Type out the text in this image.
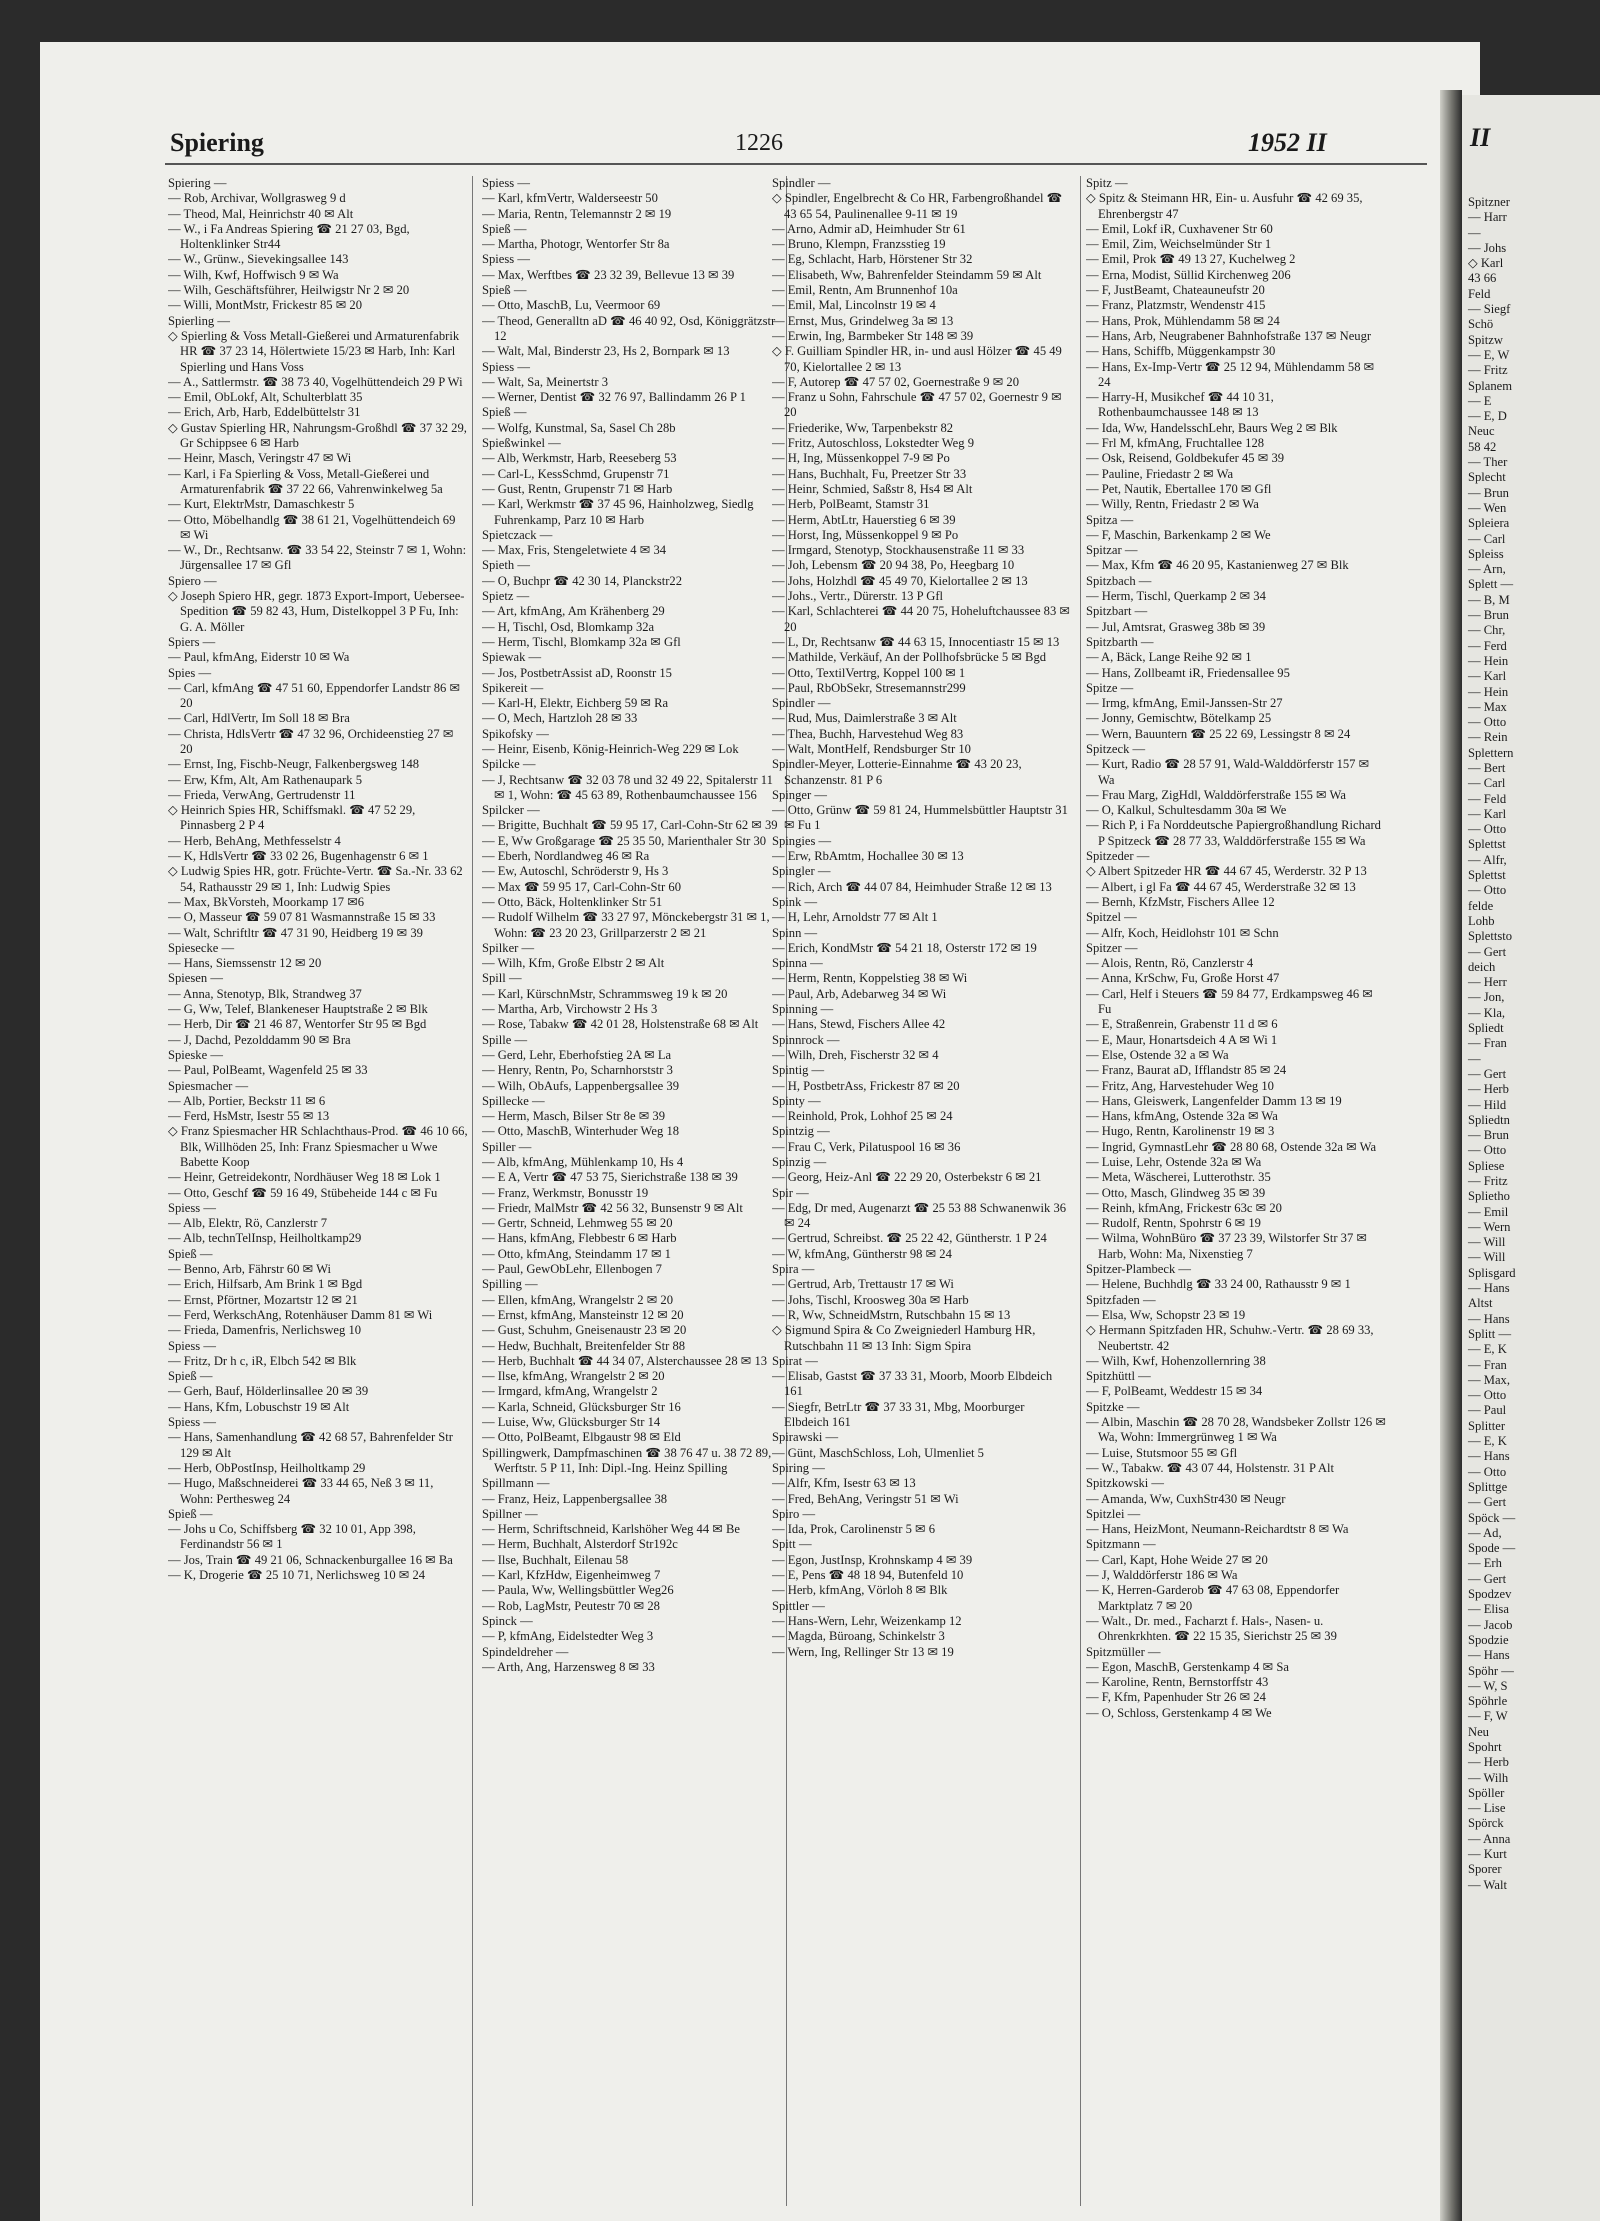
II
Spitzner
— Harr
—
— Johs
◇ Karl
43 66
Feld
— Siegf
Schö
Spitzw
— E, W
— Fritz
Splanem
— E
— E, D
Neuc
58 42
— Ther
Splecht
— Brun
— Wen
Spleiera
— Carl
Spleiss
— Arn,
Splett —
— B, M
— Brun
— Chr,
— Ferd
— Hein
— Karl
— Hein
— Max
— Otto
— Rein
Splettern
— Bert
— Carl
— Feld
— Karl
— Otto
Splettst
— Alfr,
Splettst
— Otto
felde
Lohb
Splettsto
— Gert
deich
— Herr
— Jon,
— Kla,
Spliedt
— Fran
—
— Gert
— Herb
— Hild
Spliedtn
— Brun
— Otto
Spliese
— Fritz
Splietho
— Emil
— Wern
— Will
— Will
Splisgard
— Hans
Altst
— Hans
Splitt —
— E, K
— Fran
— Max,
— Otto
— Paul
Splitter
— E, K
— Hans
— Otto
Splittge
— Gert
Spöck —
— Ad,
Spode —
— Erh
— Gert
Spodzev
— Elisa
— Jacob
Spodzie
— Hans
Spöhr —
— W, S
Spöhrle
— F, W
Neu
Spohrt
— Herb
— Wilh
Spöller
— Lise
Spörck
— Anna
— Kurt
Sporer
— Walt
Spiering	1226	1952 II

Spiering —

— Rob, Archivar, Wollgrasweg 9 d

— Theod, Mal, Heinrichstr 40 ✉ Alt

— W., i Fa Andreas Spiering ☎ 21 27 03, Bgd, Holtenklinker Str44

— W., Grünw., Sievekingsallee 143

— Wilh, Kwf, Hoffwisch 9 ✉ Wa

— Wilh, Geschäftsführer, Heilwigstr Nr 2 ✉ 20

— Willi, MontMstr, Frickestr 85 ✉ 20

Spierling —

◇ Spierling & Voss Metall-Gießerei und Armaturenfabrik HR ☎ 37 23 14, Hölertwiete 15/23 ✉ Harb, Inh: Karl Spierling und Hans Voss

— A., Sattlermstr. ☎ 38 73 40, Vogelhüttendeich 29 P Wi

— Emil, ObLokf, Alt, Schulterblatt 35

— Erich, Arb, Harb, Eddelbüttelstr 31

◇ Gustav Spierling HR, Nahrungsm-Großhdl ☎ 37 32 29, Gr Schippsee 6 ✉ Harb

— Heinr, Masch, Veringstr 47 ✉ Wi

— Karl, i Fa Spierling & Voss, Metall-Gießerei und Armaturenfabrik ☎ 37 22 66, Vahrenwinkelweg 5a

— Kurt, ElektrMstr, Damaschkestr 5

— Otto, Möbelhandlg ☎ 38 61 21, Vogelhüttendeich 69 ✉ Wi

— W., Dr., Rechtsanw. ☎ 33 54 22, Steinstr 7 ✉ 1, Wohn: Jürgensallee 17 ✉ Gfl

Spiero —

◇ Joseph Spiero HR, gegr. 1873 Export-Import, Uebersee-Spedition ☎ 59 82 43, Hum, Distelkoppel 3 P Fu, Inh: G. A. Möller

Spiers —

— Paul, kfmAng, Eiderstr 10 ✉ Wa

Spies —

— Carl, kfmAng ☎ 47 51 60, Eppendorfer Landstr 86 ✉ 20

— Carl, HdlVertr, Im Soll 18 ✉ Bra

— Christa, HdlsVertr ☎ 47 32 96, Orchideenstieg 27 ✉ 20

— Ernst, Ing, Fischb-Neugr, Falkenbergsweg 148

— Erw, Kfm, Alt, Am Rathenaupark 5

— Frieda, VerwAng, Gertrudenstr 11

◇ Heinrich Spies HR, Schiffsmakl. ☎ 47 52 29, Pinnasberg 2 P 4

— Herb, BehAng, Methfesselstr 4

— K, HdlsVertr ☎ 33 02 26, Bugenhagenstr 6 ✉ 1

◇ Ludwig Spies HR, gotr. Früchte-Vertr. ☎ Sa.-Nr. 33 62 54, Rathausstr 29 ✉ 1, Inh: Ludwig Spies

— Max, BkVorsteh, Moorkamp 17 ✉6

— O, Masseur ☎ 59 07 81 Wasmannstraße 15 ✉ 33

— Walt, Schriftltr ☎ 47 31 90, Heidberg 19 ✉ 39

Spiesecke —

— Hans, Siemssenstr 12 ✉ 20

Spiesen —

— Anna, Stenotyp, Blk, Strandweg 37

— G, Ww, Telef, Blankeneser Hauptstraße 2 ✉ Blk

— Herb, Dir ☎ 21 46 87, Wentorfer Str 95 ✉ Bgd

— J, Dachd, Pezolddamm 90 ✉ Bra

Spieske —

— Paul, PolBeamt, Wagenfeld 25 ✉ 33

Spiesmacher —

— Alb, Portier, Beckstr 11 ✉ 6

— Ferd, HsMstr, Isestr 55 ✉ 13

◇ Franz Spiesmacher HR Schlachthaus-Prod. ☎ 46 10 66, Blk, Willhöden 25, Inh: Franz Spiesmacher u Wwe Babette Koop

— Heinr, Getreidekontr, Nordhäuser Weg 18 ✉ Lok 1

— Otto, Geschf ☎ 59 16 49, Stübeheide 144 c ✉ Fu

Spiess —

— Alb, Elektr, Rö, Canzlerstr 7

— Alb, technTelInsp, Heilholtkamp29

Spieß —

— Benno, Arb, Fährstr 60 ✉ Wi

— Erich, Hilfsarb, Am Brink 1 ✉ Bgd

— Ernst, Pförtner, Mozartstr 12 ✉ 21

— Ferd, WerkschAng, Rotenhäuser Damm 81 ✉ Wi

— Frieda, Damenfris, Nerlichsweg 10

Spiess —

— Fritz, Dr h c, iR, Elbch 542 ✉ Blk

Spieß —

— Gerh, Bauf, Hölderlinsallee 20 ✉ 39

— Hans, Kfm, Lobuschstr 19 ✉ Alt

Spiess —

— Hans, Samenhandlung ☎ 42 68 57, Bahrenfelder Str 129 ✉ Alt

— Herb, ObPostInsp, Heilholtkamp 29

— Hugo, Maßschneiderei ☎ 33 44 65, Neß 3 ✉ 11, Wohn: Perthesweg 24

Spieß —

— Johs u Co, Schiffsberg ☎ 32 10 01, App 398, Ferdinandstr 56 ✉ 1

— Jos, Train ☎ 49 21 06, Schnackenburgallee 16 ✉ Ba

— K, Drogerie ☎ 25 10 71, Nerlichsweg 10 ✉ 24

Spiess —

— Karl, kfmVertr, Walderseestr 50

— Maria, Rentn, Telemannstr 2 ✉ 19

Spieß —

— Martha, Photogr, Wentorfer Str 8a

Spiess —

— Max, Werftbes ☎ 23 32 39, Bellevue 13 ✉ 39

Spieß —

— Otto, MaschB, Lu, Veermoor 69

— Theod, Generalltn aD ☎ 46 40 92, Osd, Königgrätzstr 12

— Walt, Mal, Binderstr 23, Hs 2, Bornpark ✉ 13

Spiess —

— Walt, Sa, Meinertstr 3

— Werner, Dentist ☎ 32 76 97, Ballindamm 26 P 1

Spieß —

— Wolfg, Kunstmal, Sa, Sasel Ch 28b

Spießwinkel —

— Alb, Werkmstr, Harb, Reeseberg 53

— Carl-L, KessSchmd, Grupenstr 71

— Gust, Rentn, Grupenstr 71 ✉ Harb

— Karl, Werkmstr ☎ 37 45 96, Hainholzweg, Siedlg Fuhrenkamp, Parz 10 ✉ Harb

Spietczack —

— Max, Fris, Stengeletwiete 4 ✉ 34

Spieth —

— O, Buchpr ☎ 42 30 14, Planckstr22

Spietz —

— Art, kfmAng, Am Krähenberg 29

— H, Tischl, Osd, Blomkamp 32a

— Herm, Tischl, Blomkamp 32a ✉ Gfl

Spiewak —

— Jos, PostbetrAssist aD, Roonstr 15

Spikereit —

— Karl-H, Elektr, Eichberg 59 ✉ Ra

— O, Mech, Hartzloh 28 ✉ 33

Spikofsky —

— Heinr, Eisenb, König-Heinrich-Weg 229 ✉ Lok

Spilcke —

— J, Rechtsanw ☎ 32 03 78 und 32 49 22, Spitalerstr 11 ✉ 1, Wohn: ☎ 45 63 89, Rothenbaumchaussee 156

Spilcker —

— Brigitte, Buchhalt ☎ 59 95 17, Carl-Cohn-Str 62 ✉ 39

— E, Ww Großgarage ☎ 25 35 50, Marienthaler Str 30

— Eberh, Nordlandweg 46 ✉ Ra

— Ew, Autoschl, Schröderstr 9, Hs 3

— Max ☎ 59 95 17, Carl-Cohn-Str 60

— Otto, Bäck, Holtenklinker Str 51

— Rudolf Wilhelm ☎ 33 27 97, Mönckebergstr 31 ✉ 1, Wohn: ☎ 23 20 23, Grillparzerstr 2 ✉ 21

Spilker —

— Wilh, Kfm, Große Elbstr 2 ✉ Alt

Spill —

— Karl, KürschnMstr, Schrammsweg 19 k ✉ 20

— Martha, Arb, Virchowstr 2 Hs 3

— Rose, Tabakw ☎ 42 01 28, Holstenstraße 68 ✉ Alt

Spille —

— Gerd, Lehr, Eberhofstieg 2A ✉ La

— Henry, Rentn, Po, Scharnhorststr 3

— Wilh, ObAufs, Lappenbergsallee 39

Spillecke —

— Herm, Masch, Bilser Str 8e ✉ 39

— Otto, MaschB, Winterhuder Weg 18

Spiller —

— Alb, kfmAng, Mühlenkamp 10, Hs 4

— E A, Vertr ☎ 47 53 75, Sierichstraße 138 ✉ 39

— Franz, Werkmstr, Bonusstr 19

— Friedr, MalMstr ☎ 42 56 32, Bunsenstr 9 ✉ Alt

— Gertr, Schneid, Lehmweg 55 ✉ 20

— Hans, kfmAng, Flebbestr 6 ✉ Harb

— Otto, kfmAng, Steindamm 17 ✉ 1

— Paul, GewObLehr, Ellenbogen 7

Spilling —

— Ellen, kfmAng, Wrangelstr 2 ✉ 20

— Ernst, kfmAng, Mansteinstr 12 ✉ 20

— Gust, Schuhm, Gneisenaustr 23 ✉ 20

— Hedw, Buchhalt, Breitenfelder Str 88

— Herb, Buchhalt ☎ 44 34 07, Alsterchaussee 28 ✉ 13

— Ilse, kfmAng, Wrangelstr 2 ✉ 20

— Irmgard, kfmAng, Wrangelstr 2

— Karla, Schneid, Glücksburger Str 16

— Luise, Ww, Glücksburger Str 14

— Otto, PolBeamt, Elbgaustr 98 ✉ Eld

Spillingwerk, Dampfmaschinen ☎ 38 76 47 u. 38 72 89, Werftstr. 5 P 11, Inh: Dipl.-Ing. Heinz Spilling

Spillmann —

— Franz, Heiz, Lappenbergsallee 38

Spillner —

— Herm, Schriftschneid, Karlshöher Weg 44 ✉ Be

— Herm, Buchhalt, Alsterdorf Str192c

— Ilse, Buchhalt, Eilenau 58

— Karl, KfzHdw, Eigenheimweg 7

— Paula, Ww, Wellingsbüttler Weg26

— Rob, LagMstr, Peutestr 70 ✉ 28

Spinck —

— P, kfmAng, Eidelstedter Weg 3

Spindeldreher —

— Arth, Ang, Harzensweg 8 ✉ 33

Spindler —

◇ Spindler, Engelbrecht & Co HR, Farbengroßhandel ☎ 43 65 54, Paulinenallee 9-11 ✉ 19

— Arno, Admir aD, Heimhuder Str 61

— Bruno, Klempn, Franzsstieg 19

— Eg, Schlacht, Harb, Hörstener Str 32

— Elisabeth, Ww, Bahrenfelder Steindamm 59 ✉ Alt

— Emil, Rentn, Am Brunnenhof 10a

— Emil, Mal, Lincolnstr 19 ✉ 4

— Ernst, Mus, Grindelweg 3a ✉ 13

— Erwin, Ing, Barmbeker Str 148 ✉ 39

◇ F. Guilliam Spindler HR, in- und ausl Hölzer ☎ 45 49 70, Kielortallee 2 ✉ 13

— F, Autorep ☎ 47 57 02, Goernestraße 9 ✉ 20

— Franz u Sohn, Fahrschule ☎ 47 57 02, Goernestr 9 ✉ 20

— Friederike, Ww, Tarpenbekstr 82

— Fritz, Autoschloss, Lokstedter Weg 9

— H, Ing, Müssenkoppel 7-9 ✉ Po

— Hans, Buchhalt, Fu, Preetzer Str 33

— Heinr, Schmied, Saßstr 8, Hs4 ✉ Alt

— Herb, PolBeamt, Stamstr 31

— Herm, AbtLtr, Hauerstieg 6 ✉ 39

— Horst, Ing, Müssenkoppel 9 ✉ Po

— Irmgard, Stenotyp, Stockhausenstraße 11 ✉ 33

— Joh, Lebensm ☎ 20 94 38, Po, Heegbarg 10

— Johs, Holzhdl ☎ 45 49 70, Kielortallee 2 ✉ 13

— Johs., Vertr., Dürerstr. 13 P Gfl

— Karl, Schlachterei ☎ 44 20 75, Hoheluftchaussee 83 ✉ 20

— L, Dr, Rechtsanw ☎ 44 63 15, Innocentiastr 15 ✉ 13

— Mathilde, Verkäuf, An der Pollhofsbrücke 5 ✉ Bgd

— Otto, TextilVertrg, Koppel 100 ✉ 1

— Paul, RbObSekr, Stresemannstr299

Spindler —

— Rud, Mus, Daimlerstraße 3 ✉ Alt

— Thea, Buchh, Harvestehud Weg 83

— Walt, MontHelf, Rendsburger Str 10

Spindler-Meyer, Lotterie-Einnahme ☎ 43 20 23, Schanzenstr. 81 P 6

Spinger —

— Otto, Grünw ☎ 59 81 24, Hummelsbüttler Hauptstr 31 ✉ Fu 1

Spingies —

— Erw, RbAmtm, Hochallee 30 ✉ 13

Spingler —

— Rich, Arch ☎ 44 07 84, Heimhuder Straße 12 ✉ 13

Spink —

— H, Lehr, Arnoldstr 77 ✉ Alt 1

Spinn —

— Erich, KondMstr ☎ 54 21 18, Osterstr 172 ✉ 19

Spinna —

— Herm, Rentn, Koppelstieg 38 ✉ Wi

— Paul, Arb, Adebarweg 34 ✉ Wi

Spinning —

— Hans, Stewd, Fischers Allee 42

Spinnrock —

— Wilh, Dreh, Fischerstr 32 ✉ 4

Spintig —

— H, PostbetrAss, Frickestr 87 ✉ 20

Spinty —

— Reinhold, Prok, Lohhof 25 ✉ 24

Spintzig —

— Frau C, Verk, Pilatuspool 16 ✉ 36

Spinzig —

— Georg, Heiz-Anl ☎ 22 29 20, Osterbekstr 6 ✉ 21

Spir —

— Edg, Dr med, Augenarzt ☎ 25 53 88 Schwanenwik 36 ✉ 24

— Gertrud, Schreibst. ☎ 25 22 42, Güntherstr. 1 P 24

— W, kfmAng, Güntherstr 98 ✉ 24

Spira —

— Gertrud, Arb, Trettaustr 17 ✉ Wi

— Johs, Tischl, Kroosweg 30a ✉ Harb

— R, Ww, SchneidMstrn, Rutschbahn 15 ✉ 13

◇ Sigmund Spira & Co Zweigniederl Hamburg HR, Rutschbahn 11 ✉ 13 Inh: Sigm Spira

Spirat —

— Elisab, Gastst ☎ 37 33 31, Moorb, Moorb Elbdeich 161

— Siegfr, BetrLtr ☎ 37 33 31, Mbg, Moorburger Elbdeich 161

Spirawski —

— Günt, MaschSchloss, Loh, Ulmenliet 5

Spiring —

— Alfr, Kfm, Isestr 63 ✉ 13

— Fred, BehAng, Veringstr 51 ✉ Wi

Spiro —

— Ida, Prok, Carolinenstr 5 ✉ 6

Spitt —

— Egon, JustInsp, Krohnskamp 4 ✉ 39

— E, Pens ☎ 48 18 94, Butenfeld 10

— Herb, kfmAng, Vörloh 8 ✉ Blk

Spittler —

— Hans-Wern, Lehr, Weizenkamp 12

— Magda, Büroang, Schinkelstr 3

— Wern, Ing, Rellinger Str 13 ✉ 19

Spitz —

◇ Spitz & Steimann HR, Ein- u. Ausfuhr ☎ 42 69 35, Ehrenbergstr 47

— Emil, Lokf iR, Cuxhavener Str 60

— Emil, Zim, Weichselmünder Str 1

— Emil, Prok ☎ 49 13 27, Kuchelweg 2

— Erna, Modist, Süllid Kirchenweg 206

— F, JustBeamt, Chateauneufstr 20

— Franz, Platzmstr, Wendenstr 415

— Hans, Prok, Mühlendamm 58 ✉ 24

— Hans, Arb, Neugrabener Bahnhofstraße 137 ✉ Neugr

— Hans, Schiffb, Müggenkampstr 30

— Hans, Ex-Imp-Vertr ☎ 25 12 94, Mühlendamm 58 ✉ 24

— Harry-H, Musikchef ☎ 44 10 31, Rothenbaumchaussee 148 ✉ 13

— Ida, Ww, HandelsschLehr, Baurs Weg 2 ✉ Blk

— Frl M, kfmAng, Fruchtallee 128

— Osk, Reisend, Goldbekufer 45 ✉ 39

— Pauline, Friedastr 2 ✉ Wa

— Pet, Nautik, Ebertallee 170 ✉ Gfl

— Willy, Rentn, Friedastr 2 ✉ Wa

Spitza —

— F, Maschin, Barkenkamp 2 ✉ We

Spitzar —

— Max, Kfm ☎ 46 20 95, Kastanienweg 27 ✉ Blk

Spitzbach —

— Herm, Tischl, Querkamp 2 ✉ 34

Spitzbart —

— Jul, Amtsrat, Grasweg 38b ✉ 39

Spitzbarth —

— A, Bäck, Lange Reihe 92 ✉ 1

— Hans, Zollbeamt iR, Friedensallee 95

Spitze —

— Irmg, kfmAng, Emil-Janssen-Str 27

— Jonny, Gemischtw, Bötelkamp 25

— Wern, Bauuntern ☎ 25 22 69, Lessingstr 8 ✉ 24

Spitzeck —

— Kurt, Radio ☎ 28 57 91, Wald-Walddörferstr 157 ✉ Wa

— Frau Marg, ZigHdl, Walddörferstraße 155 ✉ Wa

— O, Kalkul, Schultesdamm 30a ✉ We

— Rich P, i Fa Norddeutsche Papiergroßhandlung Richard P Spitzeck ☎ 28 77 33, Walddörferstraße 155 ✉ Wa

Spitzeder —

◇ Albert Spitzeder HR ☎ 44 67 45, Werderstr. 32 P 13

— Albert, i gl Fa ☎ 44 67 45, Werderstraße 32 ✉ 13

— Bernh, KfzMstr, Fischers Allee 12

Spitzel —

— Alfr, Koch, Heidlohstr 101 ✉ Schn

Spitzer —

— Alois, Rentn, Rö, Canzlerstr 4

— Anna, KrSchw, Fu, Große Horst 47

— Carl, Helf i Steuers ☎ 59 84 77, Erdkampsweg 46 ✉ Fu

— E, Straßenrein, Grabenstr 11 d ✉ 6

— E, Maur, Honartsdeich 4 A ✉ Wi 1

— Else, Ostende 32 a ✉ Wa

— Franz, Baurat aD, Ifflandstr 85 ✉ 24

— Fritz, Ang, Harvestehuder Weg 10

— Hans, Gleiswerk, Langenfelder Damm 13 ✉ 19

— Hans, kfmAng, Ostende 32a ✉ Wa

— Hugo, Rentn, Karolinenstr 19 ✉ 3

— Ingrid, GymnastLehr ☎ 28 80 68, Ostende 32a ✉ Wa

— Luise, Lehr, Ostende 32a ✉ Wa

— Meta, Wäscherei, Lutterothstr. 35

— Otto, Masch, Glindweg 35 ✉ 39

— Reinh, kfmAng, Frickestr 63c ✉ 20

— Rudolf, Rentn, Spohrstr 6 ✉ 19

— Wilma, WohnBüro ☎ 37 23 39, Wilstorfer Str 37 ✉ Harb, Wohn: Ma, Nixenstieg 7

Spitzer-Plambeck —

— Helene, Buchhdlg ☎ 33 24 00, Rathausstr 9 ✉ 1

Spitzfaden —

— Elsa, Ww, Schopstr 23 ✉ 19

◇ Hermann Spitzfaden HR, Schuhw.-Vertr. ☎ 28 69 33, Neubertstr. 42

— Wilh, Kwf, Hohenzollernring 38

Spitzhüttl —

— F, PolBeamt, Weddestr 15 ✉ 34

Spitzke —

— Albin, Maschin ☎ 28 70 28, Wandsbeker Zollstr 126 ✉ Wa, Wohn: Immergrünweg 1 ✉ Wa

— Luise, Stutsmoor 55 ✉ Gfl

— W., Tabakw. ☎ 43 07 44, Holstenstr. 31 P Alt

Spitzkowski —

— Amanda, Ww, CuxhStr430 ✉ Neugr

Spitzlei —

— Hans, HeizMont, Neumann-Reichardtstr 8 ✉ Wa

Spitzmann —

— Carl, Kapt, Hohe Weide 27 ✉ 20

— J, Walddörferstr 186 ✉ Wa

— K, Herren-Garderob ☎ 47 63 08, Eppendorfer Marktplatz 7 ✉ 20

— Walt., Dr. med., Facharzt f. Hals-, Nasen- u. Ohrenkrkhten. ☎ 22 15 35, Sierichstr 25 ✉ 39

Spitzmüller —

— Egon, MaschB, Gerstenkamp 4 ✉ Sa

— Karoline, Rentn, Bernstorffstr 43

— F, Kfm, Papenhuder Str 26 ✉ 24

— O, Schloss, Gerstenkamp 4 ✉ We
